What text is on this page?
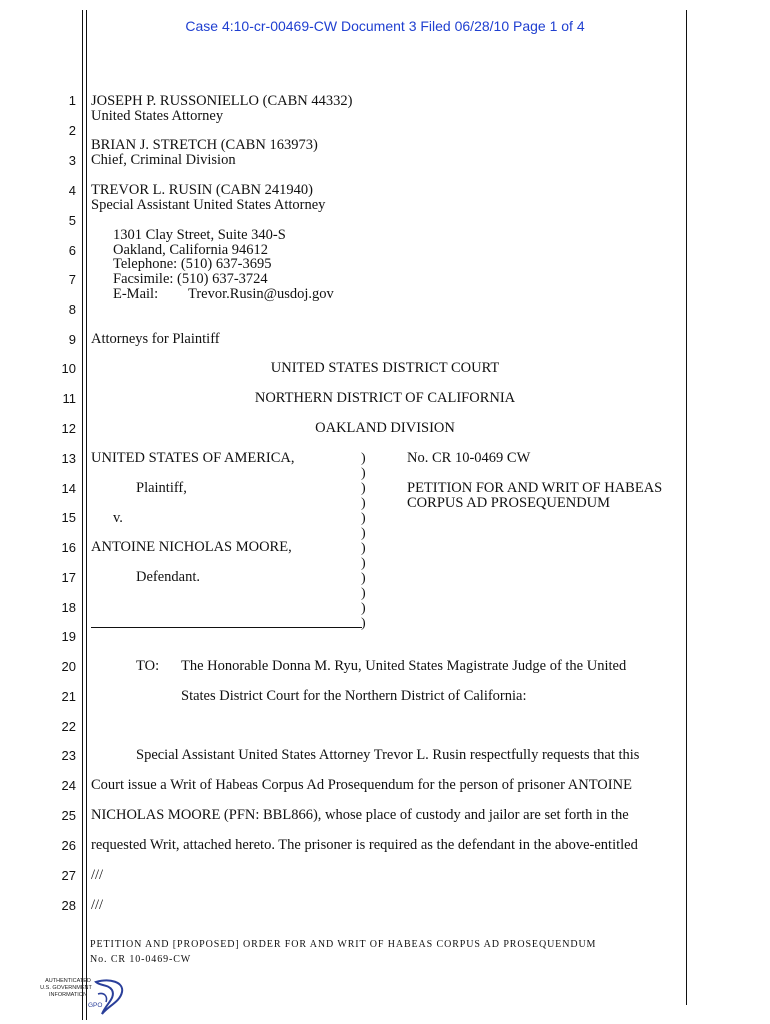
Case 4:10-cr-00469-CW Document 3 Filed 06/28/10 Page 1 of 4
1
2
3
4
5
6
7
8
9
10
11
12
13
14
15
16
17
18
19
20
21
22
23
24
25
26
27
28
JOSEPH P. RUSSONIELLO (CABN 44332)
United States Attorney
BRIAN J. STRETCH (CABN 163973)
Chief, Criminal Division
TREVOR L. RUSIN (CABN 241940)
Special Assistant United States Attorney
1301 Clay Street, Suite 340-S
Oakland, California 94612
Telephone: (510) 637-3695
Facsimile: (510) 637-3724
E-Mail: Trevor.Rusin@usdoj.gov
Attorneys for Plaintiff
UNITED STATES DISTRICT COURT
NORTHERN DISTRICT OF CALIFORNIA
OAKLAND DIVISION
UNITED STATES OF AMERICA,
Plaintiff,
v.
ANTOINE NICHOLAS MOORE,
Defendant.
)
)
)
)
)
)
)
)
)
)
)
)
No. CR 10-0469 CW
PETITION FOR AND WRIT OF HABEAS
CORPUS AD PROSEQUENDUM
TO: The Honorable Donna M. Ryu, United States Magistrate Judge of the United
States District Court for the Northern District of California:
Special Assistant United States Attorney Trevor L. Rusin respectfully requests that this
Court issue a Writ of Habeas Corpus Ad Prosequendum for the person of prisoner ANTOINE
NICHOLAS MOORE (PFN: BBL866), whose place of custody and jailor are set forth in the
requested Writ, attached hereto. The prisoner is required as the defendant in the above-entitled
///
///
PETITION AND [PROPOSED] ORDER FOR AND WRIT OF HABEAS CORPUS AD PROSEQUENDUM
No. CR 10-0469-CW
AUTHENTICATED
U.S. GOVERNMENT
INFORMATION
GPO
